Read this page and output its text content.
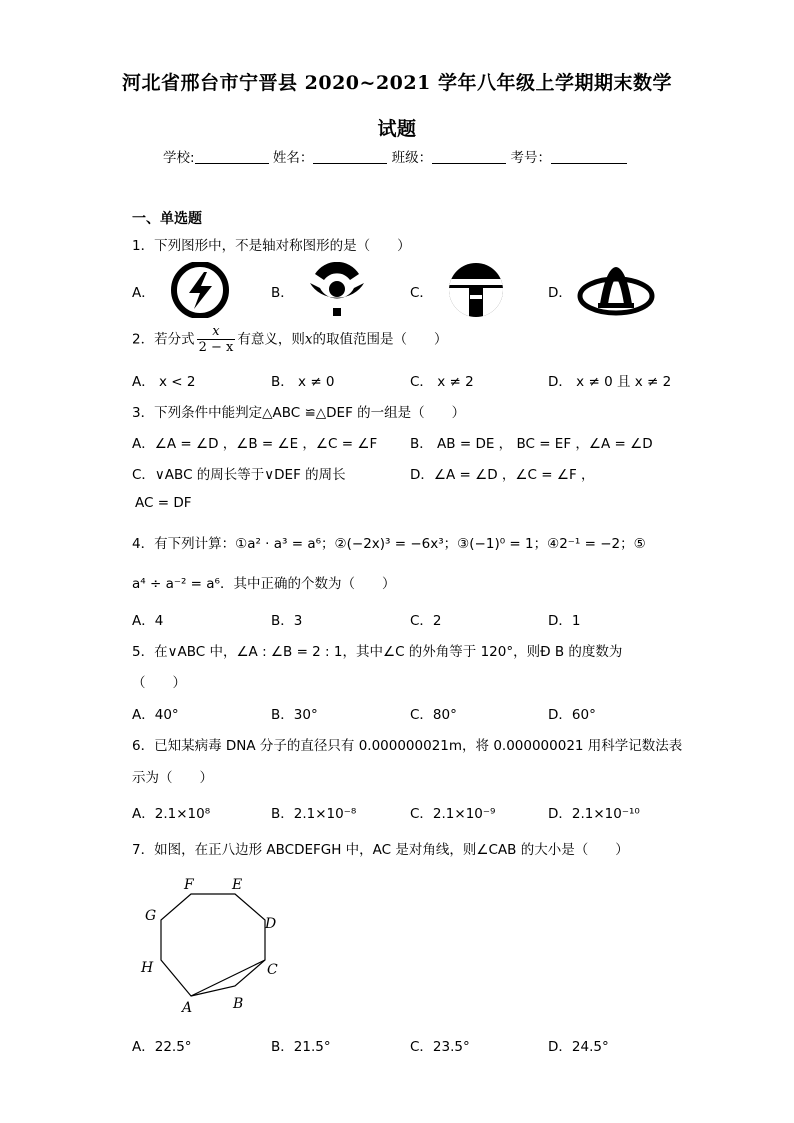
河北省邢台市宁晋县 2020~2021 学年八年级上学期期末数学
试题
学校:	姓名：	班级：	考号：
一、单选题
1．下列图形中，不是轴对称图形的是（　　）
A．	B．	C．	D．
2．若分式 $\frac{x}{2 - x}$ 有意义，则x的取值范围是（　　）
A． x < 2	B． x ≠ 0	C． x ≠ 2	D． x ≠ 0 且 x ≠ 2
3．下列条件中能判定△ABC ≌△DEF 的一组是（　　）
A．∠A = ∠D ，∠B = ∠E ，∠C = ∠F B． AB = DE ， BC = EF ，∠A = ∠D
C．∨ABC 的周长等于∨DEF 的周长	D．∠A = ∠D ，∠C = ∠F ，
AC = DF
4．有下列计算：①a² · a³ = a⁶；②(−2x)³ = −6x³；③(−1)⁰ = 1；④2⁻¹ = −2；⑤
a⁴ ÷ a⁻² = a⁶．其中正确的个数为（　　）
A．4	B．3	C．2	D．1
5．在∨ABC 中，∠A : ∠B = 2 : 1，其中∠C 的外角等于 120°，则Ð B 的度数为
（　　）
A．40°	B．30°	C．80°	D．60°
6．已知某病毒 DNA 分子的直径只有 0.000000021m，将 0.000000021 用科学记数法表
示为（　　）
A．2.1×10⁸	B．2.1×10⁻⁸	C．2.1×10⁻⁹	D．2.1×10⁻¹⁰
7．如图，在正八边形 ABCDEFGH 中，AC 是对角线，则∠CAB 的大小是（　　）
A	B
C
D
E
F
G
H
A．22.5°	B．21.5°	C．23.5°	D．24.5°
